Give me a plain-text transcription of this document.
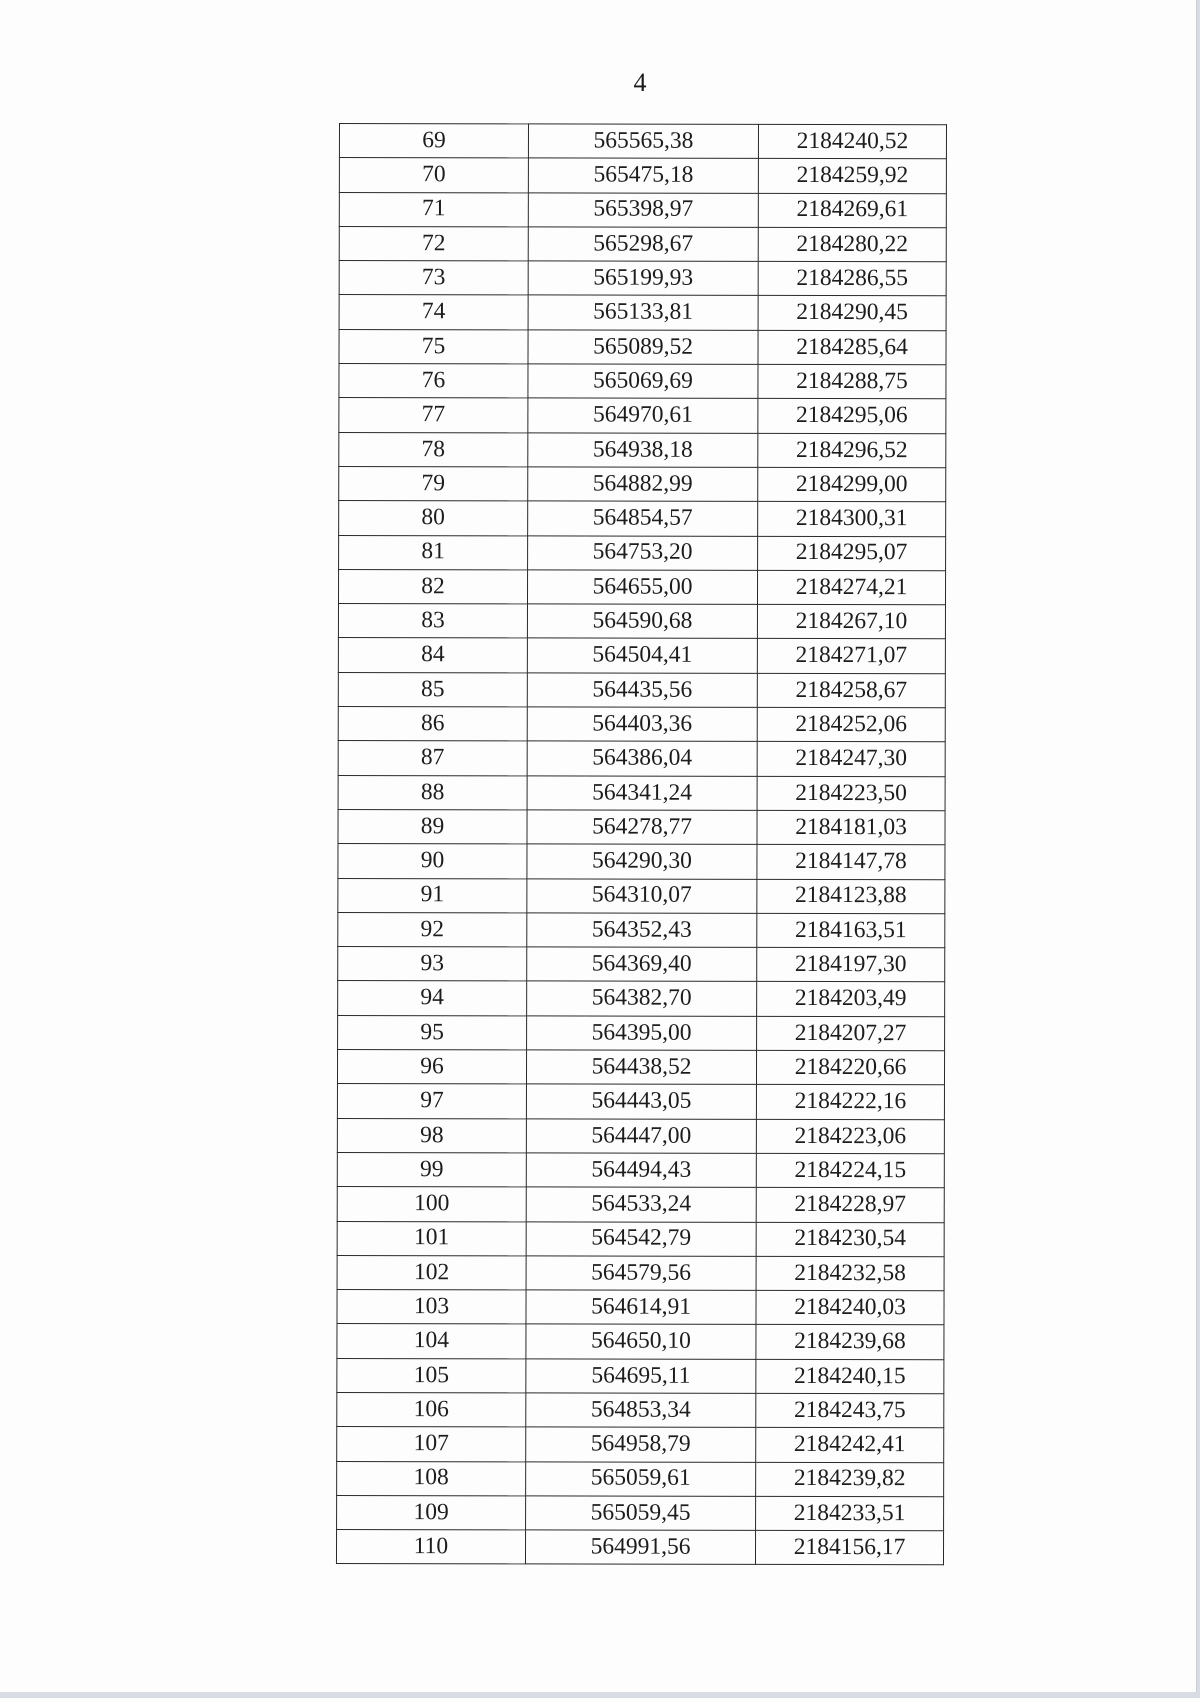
4
69	565565,38	2184240,52
70	565475,18	2184259,92
71	565398,97	2184269,61
72	565298,67	2184280,22
73	565199,93	2184286,55
74	565133,81	2184290,45
75	565089,52	2184285,64
76	565069,69	2184288,75
77	564970,61	2184295,06
78	564938,18	2184296,52
79	564882,99	2184299,00
80	564854,57	2184300,31
81	564753,20	2184295,07
82	564655,00	2184274,21
83	564590,68	2184267,10
84	564504,41	2184271,07
85	564435,56	2184258,67
86	564403,36	2184252,06
87	564386,04	2184247,30
88	564341,24	2184223,50
89	564278,77	2184181,03
90	564290,30	2184147,78
91	564310,07	2184123,88
92	564352,43	2184163,51
93	564369,40	2184197,30
94	564382,70	2184203,49
95	564395,00	2184207,27
96	564438,52	2184220,66
97	564443,05	2184222,16
98	564447,00	2184223,06
99	564494,43	2184224,15
100	564533,24	2184228,97
101	564542,79	2184230,54
102	564579,56	2184232,58
103	564614,91	2184240,03
104	564650,10	2184239,68
105	564695,11	2184240,15
106	564853,34	2184243,75
107	564958,79	2184242,41
108	565059,61	2184239,82
109	565059,45	2184233,51
110	564991,56	2184156,17
